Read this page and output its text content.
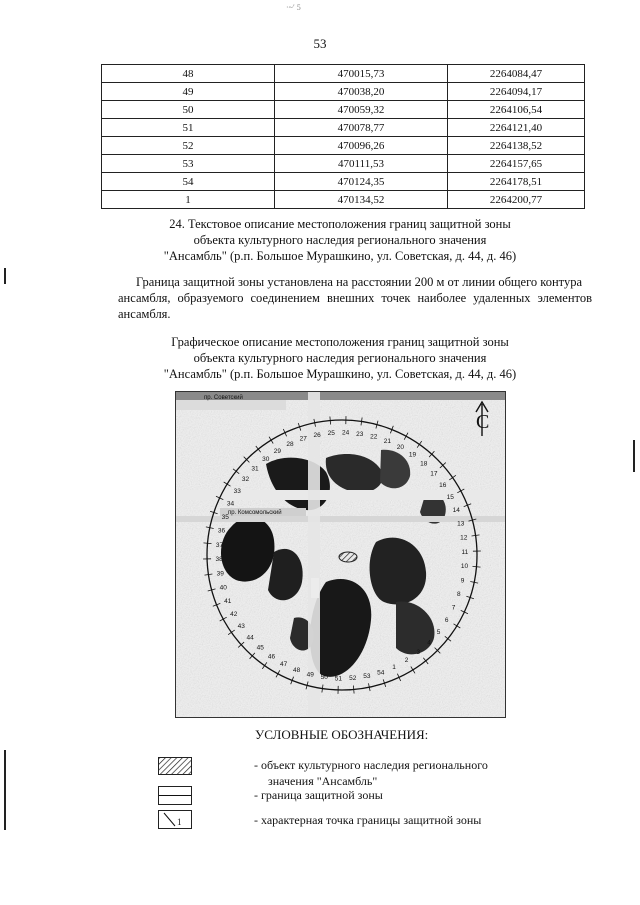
·~′ 5
53
48	470015,73	2264084,47
49	470038,20	2264094,17
50	470059,32	2264106,54
51	470078,77	2264121,40
52	470096,26	2264138,52
53	470111,53	2264157,65
54	470124,35	2264178,51
1	470134,52	2264200,77
24. Текстовое описание местоположения границ защитной зоны
объекта культурного наследия регионального значения
"Ансамбль" (р.п. Большое Мурашкино, ул. Советская, д. 44, д. 46)
Граница защитной зоны установлена на расстоянии 200 м от линии общего контура
ансамбля, образуемого соединением внешних точек наиболее удаленных элементов
ансамбля.
Графическое описание местоположения границ защитной зоны
объекта культурного наследия регионального значения
"Ансамбль" (р.п. Большое Мурашкино, ул. Советская, д. 44, д. 46)
1
2
3
4
5
6
7
8
9
10
11
12
13
14
15
16
17
18
19
20
21
22
23
24
25
26
27
28
29
30
31
32
33
34
35
36
37
38
39
40
41
42
43
44
45
46
47
48
49 50 51 52 53
54
С
пр. Советский
пр. Комсомольский
УСЛОВНЫЕ ОБОЗНАЧЕНИЯ:
- объект культурного наследия регионального
значения "Ансамбль"
- граница защитной зоны
1	- характерная точка границы защитной зоны
